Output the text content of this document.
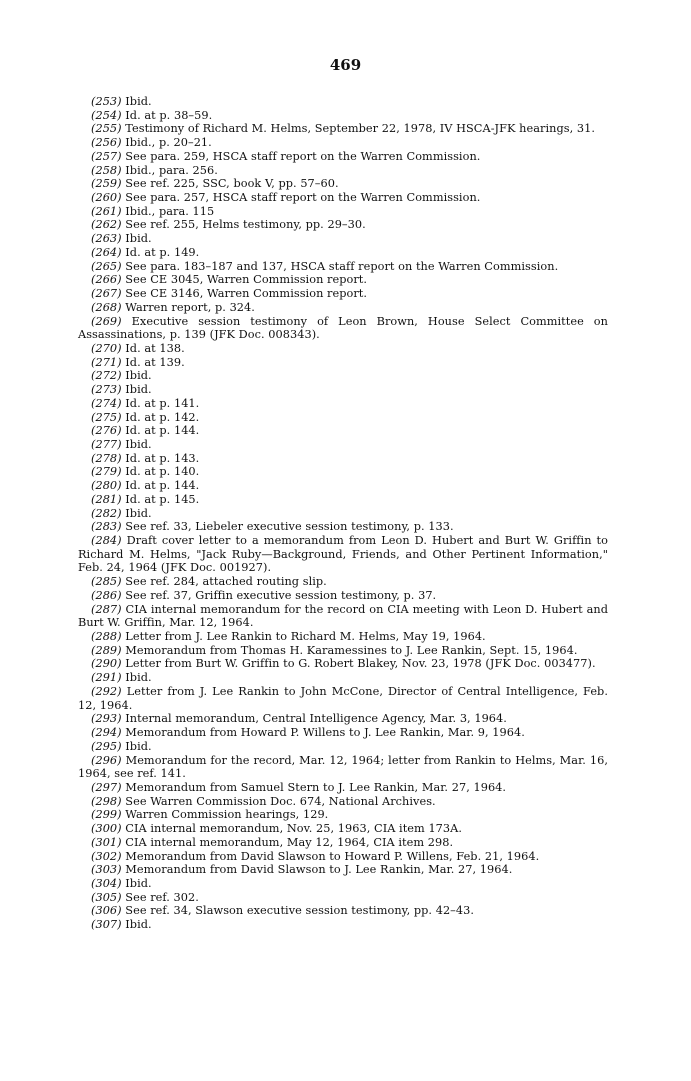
469

(253) Ibid.

(254) Id. at p. 38–59.

(255) Testimony of Richard M. Helms, September 22, 1978, IV HSCA-JFK hearings, 31.

(256) Ibid., p. 20–21.

(257) See para. 259, HSCA staff report on the Warren Commission.

(258) Ibid., para. 256.

(259) See ref. 225, SSC, book V, pp. 57–60.

(260) See para. 257, HSCA staff report on the Warren Commission.

(261) Ibid., para. 115

(262) See ref. 255, Helms testimony, pp. 29–30.

(263) Ibid.

(264) Id. at p. 149.

(265) See para. 183–187 and 137, HSCA staff report on the Warren Commission.

(266) See CE 3045, Warren Commission report.

(267) See CE 3146, Warren Commission report.

(268) Warren report, p. 324.

(269) Executive session testimony of Leon Brown, House Select Committee on Assassinations, p. 139 (JFK Doc. 008343).

(270) Id. at 138.

(271) Id. at 139.

(272) Ibid.

(273) Ibid.

(274) Id. at p. 141.

(275) Id. at p. 142.

(276) Id. at p. 144.

(277) Ibid.

(278) Id. at p. 143.

(279) Id. at p. 140.

(280) Id. at p. 144.

(281) Id. at p. 145.

(282) Ibid.

(283) See ref. 33, Liebeler executive session testimony, p. 133.

(284) Draft cover letter to a memorandum from Leon D. Hubert and Burt W. Griffin to Richard M. Helms, "Jack Ruby—Background, Friends, and Other Pertinent Information," Feb. 24, 1964 (JFK Doc. 001927).

(285) See ref. 284, attached routing slip.

(286) See ref. 37, Griffin executive session testimony, p. 37.

(287) CIA internal memorandum for the record on CIA meeting with Leon D. Hubert and Burt W. Griffin, Mar. 12, 1964.

(288) Letter from J. Lee Rankin to Richard M. Helms, May 19, 1964.

(289) Memorandum from Thomas H. Karamessines to J. Lee Rankin, Sept. 15, 1964.

(290) Letter from Burt W. Griffin to G. Robert Blakey, Nov. 23, 1978 (JFK Doc. 003477).

(291) Ibid.

(292) Letter from J. Lee Rankin to John McCone, Director of Central Intelligence, Feb. 12, 1964.

(293) Internal memorandum, Central Intelligence Agency, Mar. 3, 1964.

(294) Memorandum from Howard P. Willens to J. Lee Rankin, Mar. 9, 1964.

(295) Ibid.

(296) Memorandum for the record, Mar. 12, 1964; letter from Rankin to Helms, Mar. 16, 1964, see ref. 141.

(297) Memorandum from Samuel Stern to J. Lee Rankin, Mar. 27, 1964.

(298) See Warren Commission Doc. 674, National Archives.

(299) Warren Commission hearings, 129.

(300) CIA internal memorandum, Nov. 25, 1963, CIA item 173A.

(301) CIA internal memorandum, May 12, 1964, CIA item 298.

(302) Memorandum from David Slawson to Howard P. Willens, Feb. 21, 1964.

(303) Memorandum from David Slawson to J. Lee Rankin, Mar. 27, 1964.

(304) Ibid.

(305) See ref. 302.

(306) See ref. 34, Slawson executive session testimony, pp. 42–43.

(307) Ibid.
